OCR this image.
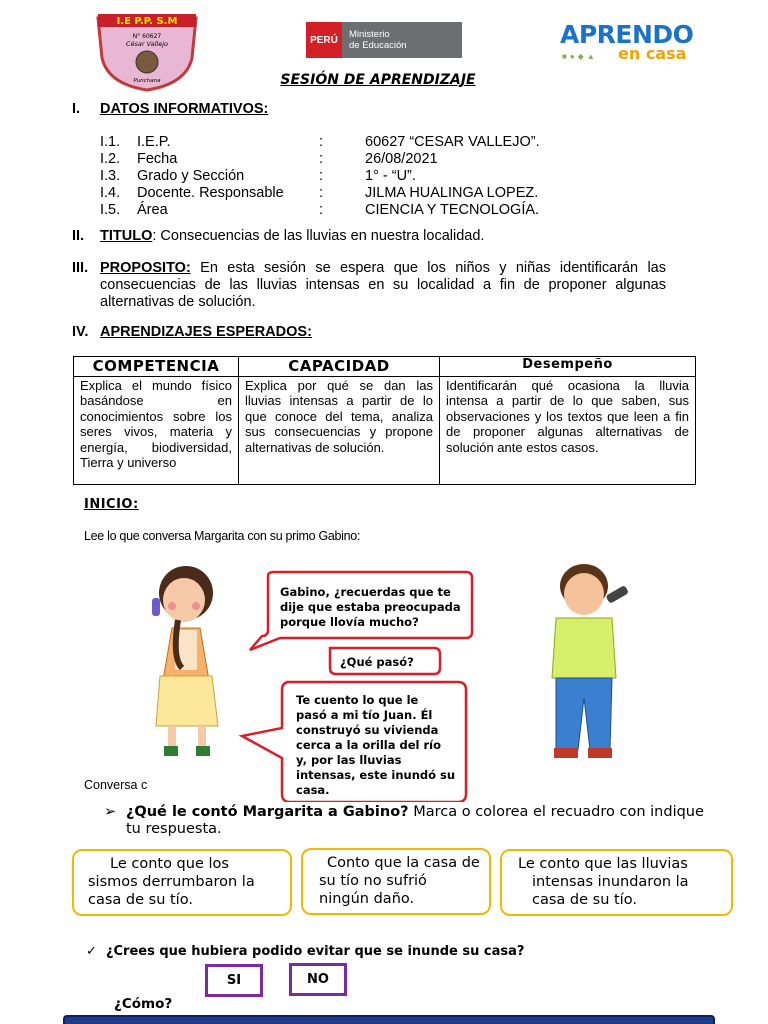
I.E P.P. S.M
N° 60627
César Vallejo
Punchana
PERÚ	Ministerio
de Educación	APRENDO
■●◆▲ en casa
SESIÓN DE APRENDIZAJE
I. DATOS INFORMATIVOS:
I.1. I.E.P.	:	60627 “CESAR VALLEJO”.
I.2. Fecha	:	26/08/2021
I.3. Grado y Sección	:	1° - “U”.
I.4. Docente. Responsable :	JILMA HUALINGA LOPEZ.
I.5. Área	:	CIENCIA Y TECNOLOGÍA.
II. TITULO: Consecuencias de las lluvias en nuestra localidad.
III. PROPOSITO: En esta sesión se espera que los niños y niñas identificarán las consecuencias de las lluvias intensas en su localidad a fin de proponer algunas alternativas de solución.
IV. APRENDIZAJES ESPERADOS:
COMPETENCIA	CAPACIDAD	Desempeño
Explica el mundo físico basándose en conocimientos sobre los seres vivos, materia y energía, biodiversidad, Tierra y universo	Explica por qué se dan las lluvias intensas a partir de lo que conoce del tema, analiza sus consecuencias y propone alternativas de solución.	Identificarán qué ocasiona la lluvia intensa a partir de lo que saben, sus observaciones y los textos que leen a fin de proponer algunas alternativas de solución ante estos casos.
INICIO:
Lee lo que conversa Margarita con su primo Gabino:
Gabino, ¿recuerdas que te
dije que estaba preocupada
porque llovía mucho?
¿Qué pasó?
Te cuento lo que le
pasó a mi tío Juan. Él
construyó su vivienda
cerca a la orilla del río
y, por las lluvias
intensas, este inundó su
casa.
Conversa c
➢ ¿Qué le contó Margarita a Gabino? Marca o colorea el recuadro con indique tu respuesta.
Le conto que los sismos derrumbaron la casa de su tío.
Conto que la casa de su tío no sufrió ningún daño.
Le conto que las lluvias intensas inundaron la casa de su tío.
✓ ¿Crees que hubiera podido evitar que se inunde su casa?
SI	NO
¿Cómo?
